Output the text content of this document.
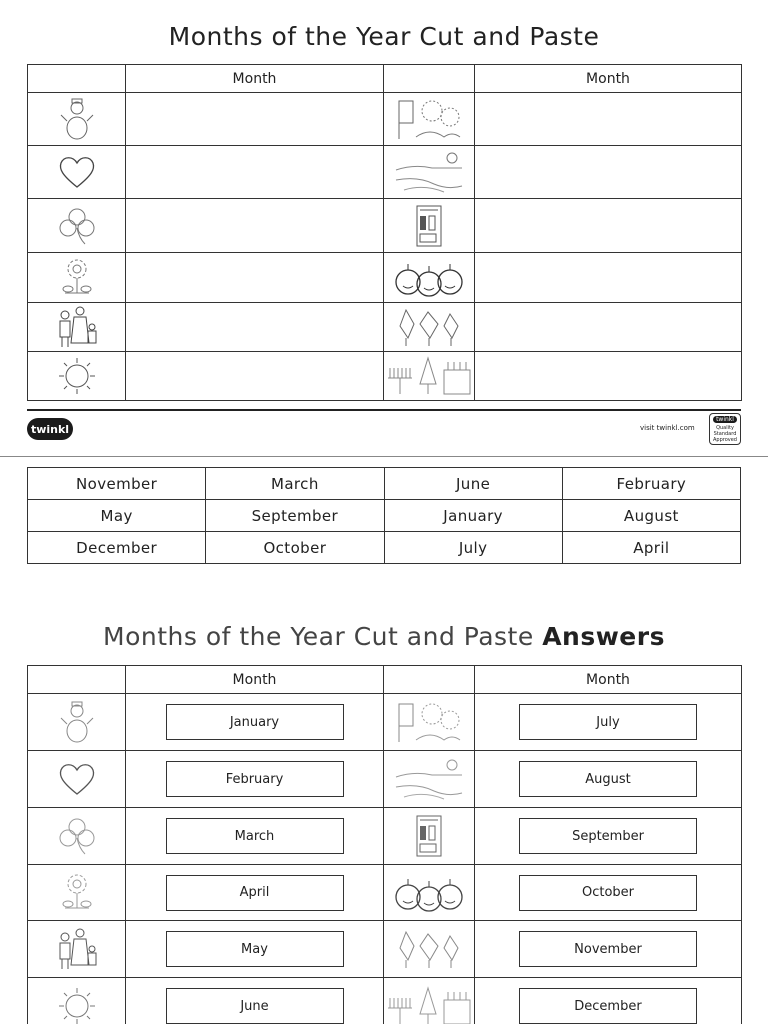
Months of the Year Cut and Paste
	Month		Month

twinkl	visit twinkl.com
twinkl
Quality Standard Approved
November	March	June	February
May	September	January	August
December	October	July	April
Months of the Year Cut and Paste Answers
	Month		Month

January		July

February		August

March		September

April		October

May		November

June		December
